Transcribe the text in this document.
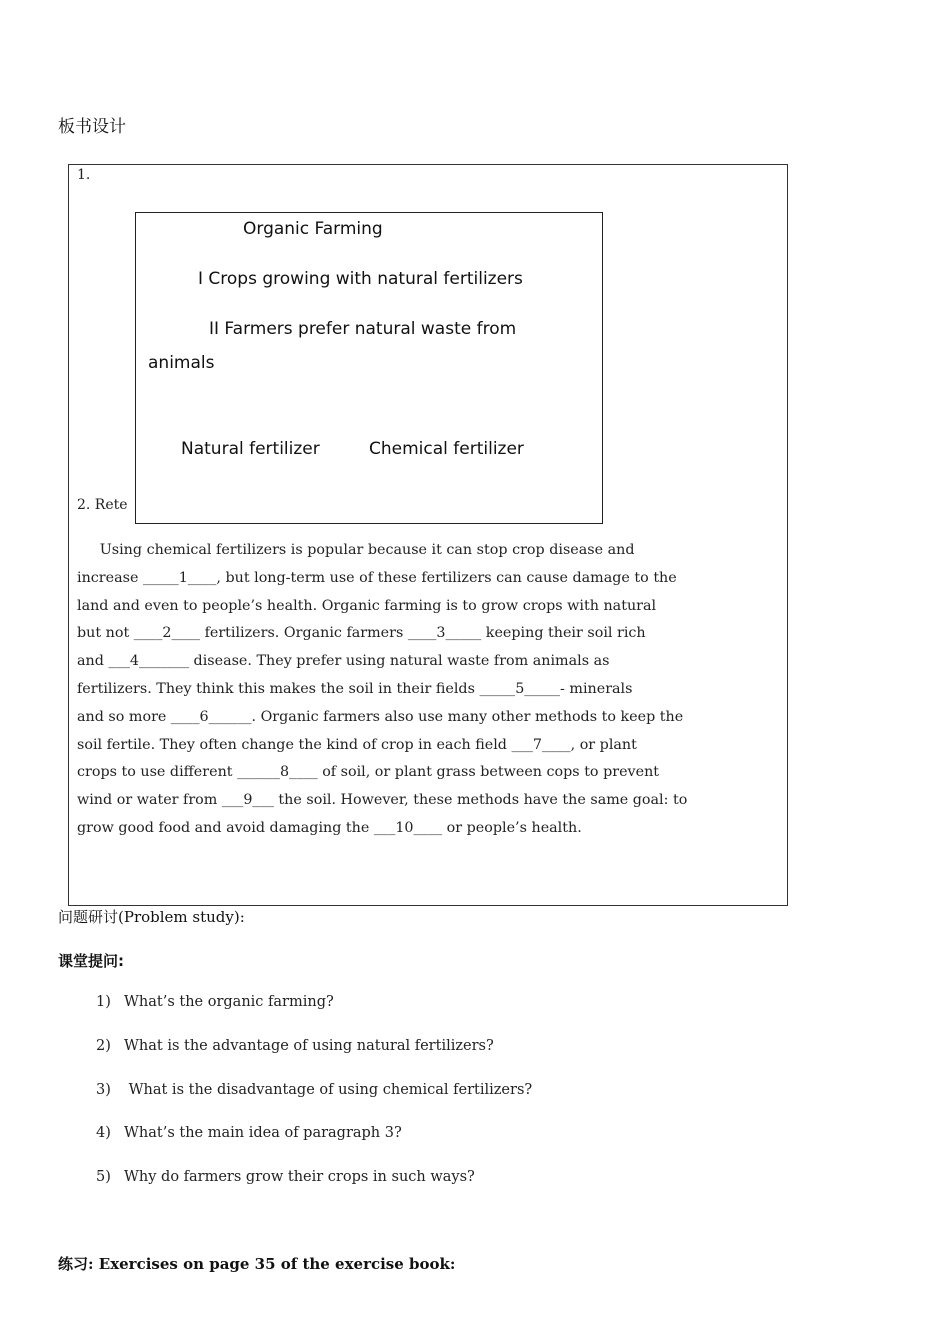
板书设计
1.
2. Rete
Organic Farming
I Crops growing with natural fertilizers
II Farmers prefer natural waste from
animals
Natural fertilizer	Chemical fertilizer
Using chemical fertilizers is popular because it can stop crop disease and
increase _____1____, but long-term use of these fertilizers can cause damage to the
land and even to people’s health. Organic farming is to grow crops with natural
but not ____2____ fertilizers. Organic farmers ____3_____ keeping their soil rich
and ___4_______ disease. They prefer using natural waste from animals as
fertilizers. They think this makes the soil in their fields _____5_____- minerals
and so more ____6______. Organic farmers also use many other methods to keep the
soil fertile. They often change the kind of crop in each field ___7____, or plant
crops to use different ______8____ of soil, or plant grass between cops to prevent
wind or water from ___9___ the soil. However, these methods have the same goal: to
grow good food and avoid damaging the ___10____ or people’s health.
问题研讨(Problem study):
课堂提问:
1) What’s the organic farming?
2) What is the advantage of using natural fertilizers?
3) What is the disadvantage of using chemical fertilizers?
4) What’s the main idea of paragraph 3?
5) Why do farmers grow their crops in such ways?
练习: Exercises on page 35 of the exercise book:
